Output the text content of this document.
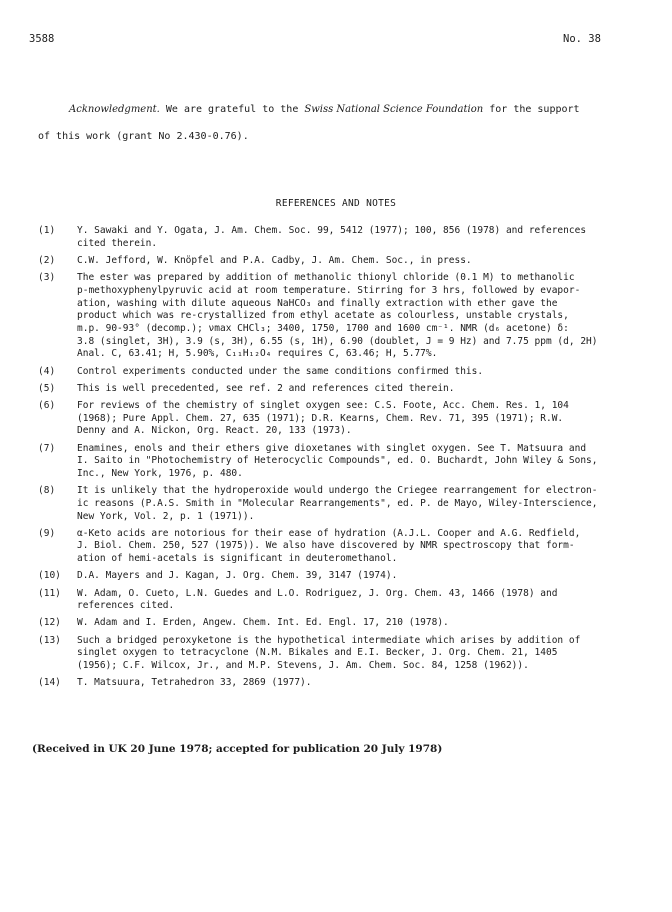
3588	No. 38
Acknowledgment. We are grateful to the Swiss National Science Foundation for the support
of this work (grant No 2.430-0.76).
REFERENCES AND NOTES
(1)	Y. Sawaki and Y. Ogata, J. Am. Chem. Soc. 99, 5412 (1977); 100, 856 (1978) and references
cited therein.
(2)	C.W. Jefford, W. Knöpfel and P.A. Cadby, J. Am. Chem. Soc., in press.
(3)	The ester was prepared by addition of methanolic thionyl chloride (0.1 M) to methanolic
p-methoxyphenylpyruvic acid at room temperature. Stirring for 3 hrs, followed by evapor-
ation, washing with dilute aqueous NaHCO₃ and finally extraction with ether gave the
product which was re-crystallized from ethyl acetate as colourless, unstable crystals,
m.p. 90-93° (decomp.); νmax CHCl₃; 3400, 1750, 1700 and 1600 cm⁻¹. NMR (d₆ acetone) δ:
3.8 (singlet, 3H), 3.9 (s, 3H), 6.55 (s, 1H), 6.90 (doublet, J = 9 Hz) and 7.75 ppm (d, 2H)
Anal. C, 63.41; H, 5.90%, C₁₁H₁₂O₄ requires C, 63.46; H, 5.77%.
(4)	Control experiments conducted under the same conditions confirmed this.
(5)	This is well precedented, see ref. 2 and references cited therein.
(6)	For reviews of the chemistry of singlet oxygen see: C.S. Foote, Acc. Chem. Res. 1, 104
(1968); Pure Appl. Chem. 27, 635 (1971); D.R. Kearns, Chem. Rev. 71, 395 (1971); R.W.
Denny and A. Nickon, Org. React. 20, 133 (1973).
(7)	Enamines, enols and their ethers give dioxetanes with singlet oxygen. See T. Matsuura and
I. Saito in "Photochemistry of Heterocyclic Compounds", ed. O. Buchardt, John Wiley & Sons,
Inc., New York, 1976, p. 480.
(8)	It is unlikely that the hydroperoxide would undergo the Criegee rearrangement for electron-
ic reasons (P.A.S. Smith in "Molecular Rearrangements", ed. P. de Mayo, Wiley-Interscience,
New York, Vol. 2, p. 1 (1971)).
(9)	α-Keto acids are notorious for their ease of hydration (A.J.L. Cooper and A.G. Redfield,
J. Biol. Chem. 250, 527 (1975)). We also have discovered by NMR spectroscopy that form-
ation of hemi-acetals is significant in deuteromethanol.
(10)	D.A. Mayers and J. Kagan, J. Org. Chem. 39, 3147 (1974).
(11)	W. Adam, O. Cueto, L.N. Guedes and L.O. Rodriguez, J. Org. Chem. 43, 1466 (1978) and
references cited.
(12)	W. Adam and I. Erden, Angew. Chem. Int. Ed. Engl. 17, 210 (1978).
(13)	Such a bridged peroxyketone is the hypothetical intermediate which arises by addition of
singlet oxygen to tetracyclone (N.M. Bikales and E.I. Becker, J. Org. Chem. 21, 1405
(1956); C.F. Wilcox, Jr., and M.P. Stevens, J. Am. Chem. Soc. 84, 1258 (1962)).
(14)	T. Matsuura, Tetrahedron 33, 2869 (1977).
(Received in UK 20 June 1978; accepted for publication 20 July 1978)
